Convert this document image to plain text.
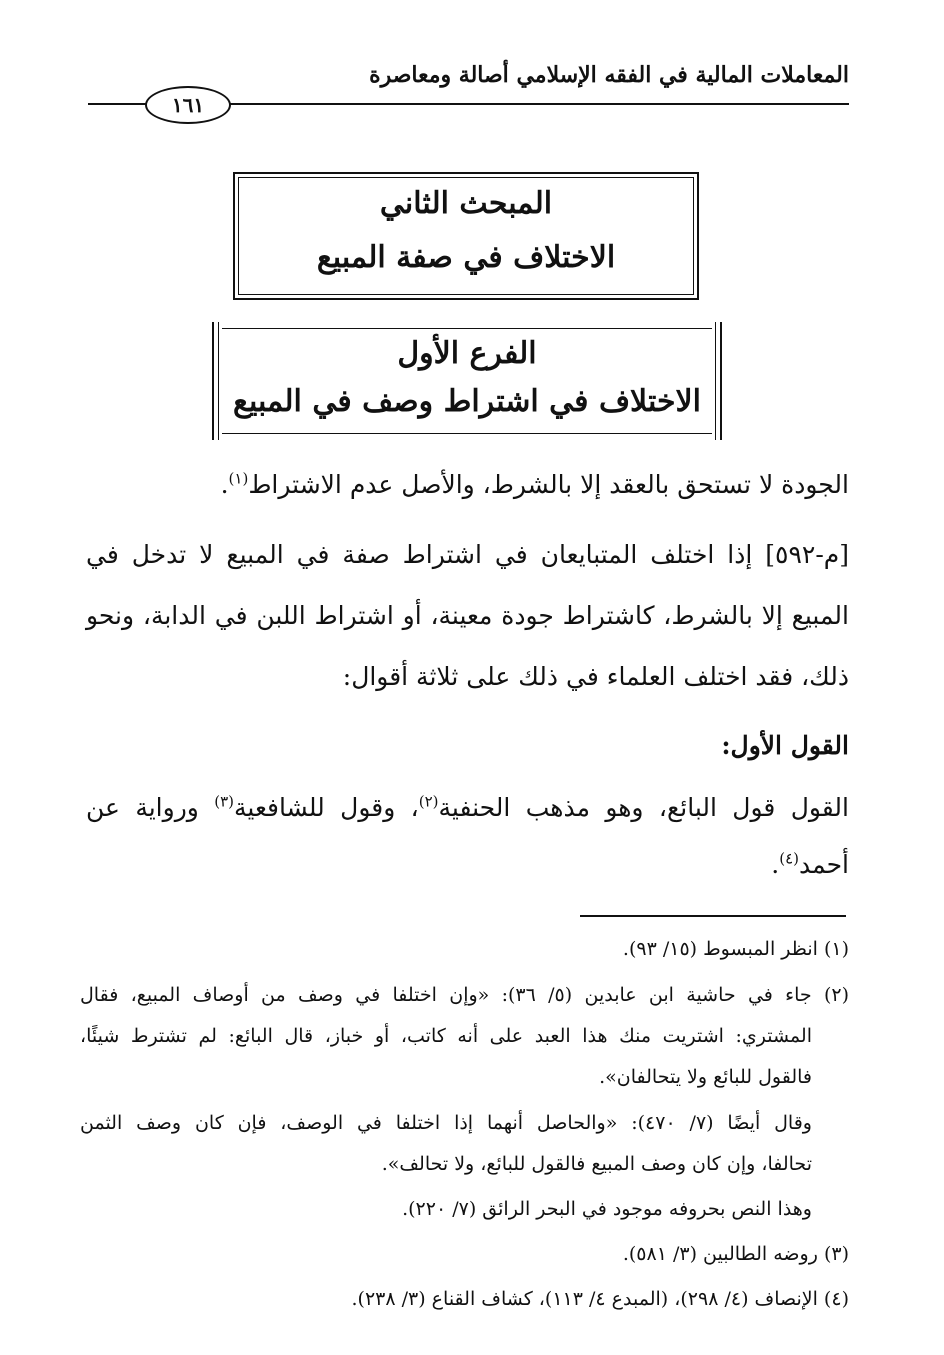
المعاملات المالية في الفقه الإسلامي أصالة ومعاصرة
١٦١
المبحث الثاني
الاختلاف في صفة المبيع
الفرع الأول
الاختلاف في اشتراط وصف في المبيع
الجودة لا تستحق بالعقد إلا بالشرط، والأصل عدم الاشتراط$^{(١)}$.
[م-٥٩٢] إذا اختلف المتبايعان في اشتراط صفة في المبيع لا تدخل في
المبيع إلا بالشرط، كاشتراط جودة معينة، أو اشتراط اللبن في الدابة، ونحو
ذلك، فقد اختلف العلماء في ذلك على ثلاثة أقوال:
القول الأول:
القول قول البائع، وهو مذهب الحنفية$^{(٢)}$، وقول للشافعية$^{(٣)}$ ورواية عن
أحمد$^{(٤)}$.
(١) انظر المبسوط (١٥/ ٩٣).
(٢) جاء في حاشية ابن عابدين (٥/ ٣٦): «وإن اختلفا في وصف من أوصاف المبيع، فقال
المشتري: اشتريت منك هذا العبد على أنه كاتب، أو خباز، قال البائع: لم تشترط شيئًا،
فالقول للبائع ولا يتحالفان».
وقال أيضًا (٧/ ٤٧٠): «والحاصل أنهما إذا اختلفا في الوصف، فإن كان وصف الثمن
تحالفا، وإن كان وصف المبيع فالقول للبائع، ولا تحالف».
وهذا النص بحروفه موجود في البحر الرائق (٧/ ٢٢٠).
(٣) روضه الطالبين (٣/ ٥٨١).
(٤) الإنصاف (٤/ ٢٩٨)، (المبدع ٤/ ١١٣)، كشاف القناع (٣/ ٢٣٨).
